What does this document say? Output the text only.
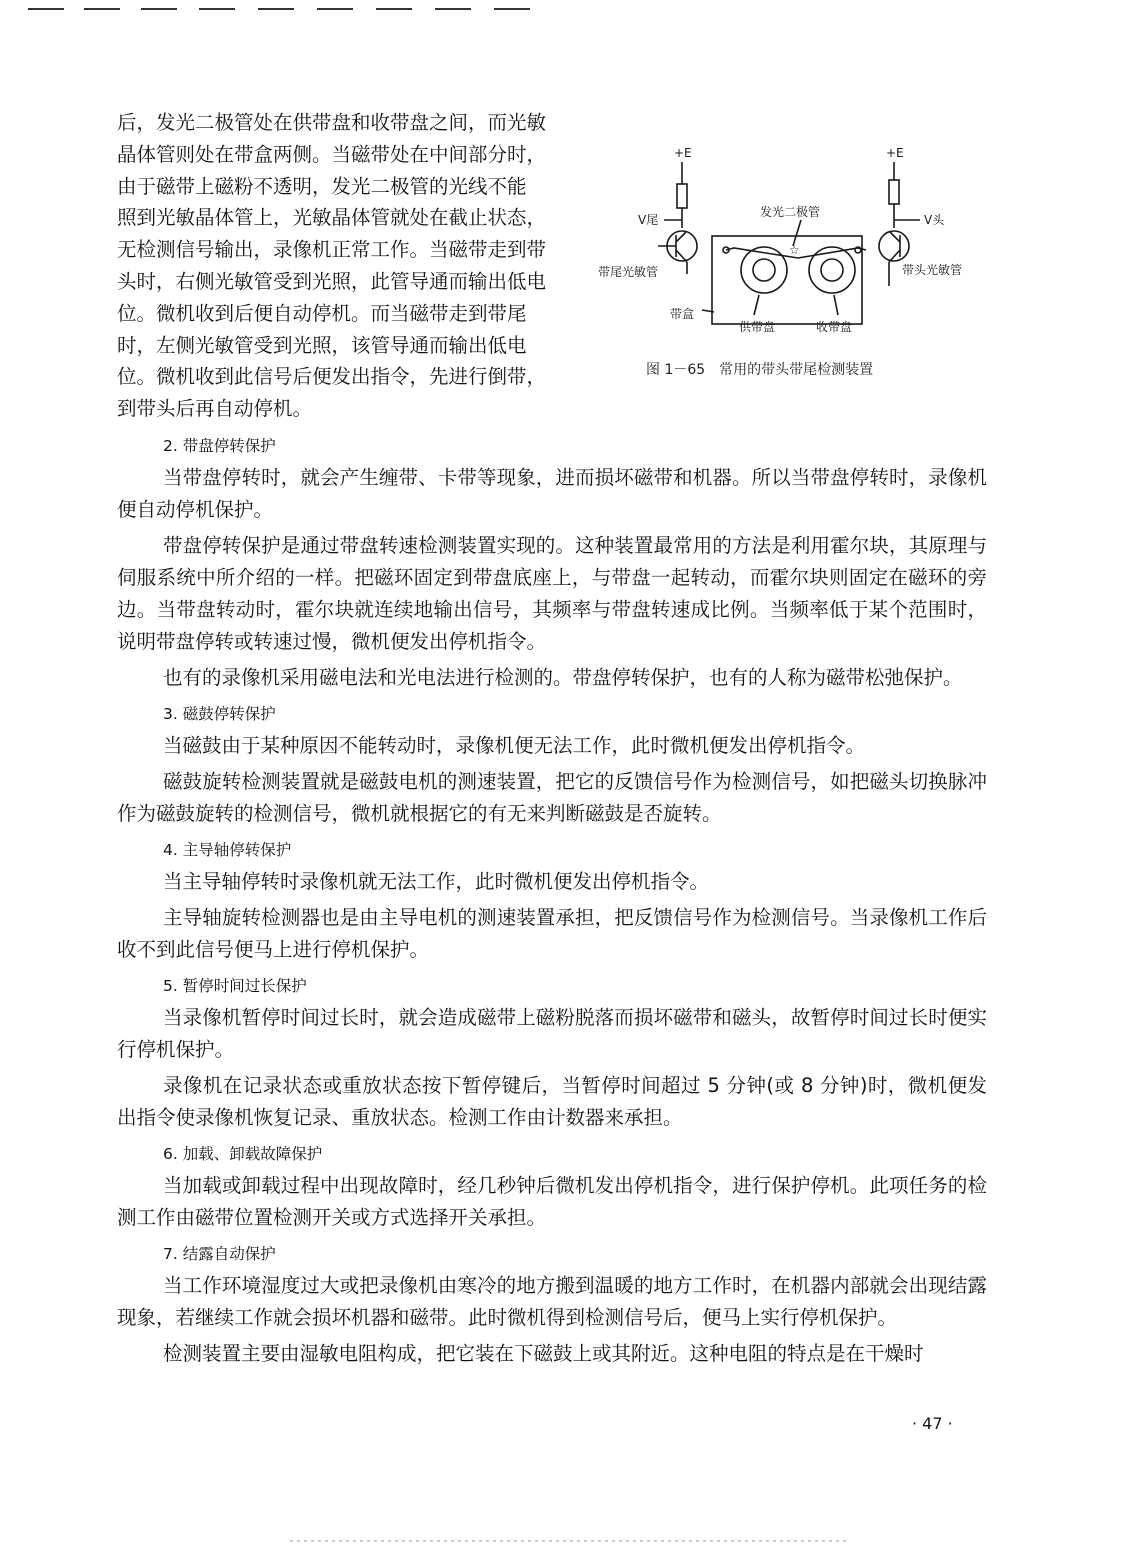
后，发光二极管处在供带盘和收带盘之间，而光敏
晶体管则处在带盒两侧。当磁带处在中间部分时，
由于磁带上磁粉不透明，发光二极管的光线不能
照到光敏晶体管上，光敏晶体管就处在截止状态，
无检测信号输出，录像机正常工作。当磁带走到带
头时，右侧光敏管受到光照，此管导通而输出低电
位。微机收到后便自动停机。而当磁带走到带尾
时，左侧光敏管受到光照，该管导通而输出低电
位。微机收到此信号后便发出指令，先进行倒带，
到带头后再自动停机。
☆
+E	+E
V尾	V头
发光二极管
带尾光敏管	带头光敏管
带盒
供带盘	收带盘
图 1－65　常用的带头带尾检测装置
2. 带盘停转保护
当带盘停转时，就会产生缠带、卡带等现象，进而损坏磁带和机器。所以当带盘停转时，录像机便自动停机保护。
带盘停转保护是通过带盘转速检测装置实现的。这种装置最常用的方法是利用霍尔块，其原理与伺服系统中所介绍的一样。把磁环固定到带盘底座上，与带盘一起转动，而霍尔块则固定在磁环的旁边。当带盘转动时，霍尔块就连续地输出信号，其频率与带盘转速成比例。当频率低于某个范围时，说明带盘停转或转速过慢，微机便发出停机指令。
也有的录像机采用磁电法和光电法进行检测的。带盘停转保护，也有的人称为磁带松弛保护。
3. 磁鼓停转保护
当磁鼓由于某种原因不能转动时，录像机便无法工作，此时微机便发出停机指令。
磁鼓旋转检测装置就是磁鼓电机的测速装置，把它的反馈信号作为检测信号，如把磁头切换脉冲作为磁鼓旋转的检测信号，微机就根据它的有无来判断磁鼓是否旋转。
4. 主导轴停转保护
当主导轴停转时录像机就无法工作，此时微机便发出停机指令。
主导轴旋转检测器也是由主导电机的测速装置承担，把反馈信号作为检测信号。当录像机工作后收不到此信号便马上进行停机保护。
5. 暂停时间过长保护
当录像机暂停时间过长时，就会造成磁带上磁粉脱落而损坏磁带和磁头，故暂停时间过长时便实行停机保护。
录像机在记录状态或重放状态按下暂停键后，当暂停时间超过 5 分钟(或 8 分钟)时，微机便发出指令使录像机恢复记录、重放状态。检测工作由计数器来承担。
6. 加载、卸载故障保护
当加载或卸载过程中出现故障时，经几秒钟后微机发出停机指令，进行保护停机。此项任务的检测工作由磁带位置检测开关或方式选择开关承担。
7. 结露自动保护
当工作环境湿度过大或把录像机由寒冷的地方搬到温暖的地方工作时，在机器内部就会出现结露现象，若继续工作就会损坏机器和磁带。此时微机得到检测信号后，便马上实行停机保护。
检测装置主要由湿敏电阻构成，把它装在下磁鼓上或其附近。这种电阻的特点是在干燥时
· 47 ·
